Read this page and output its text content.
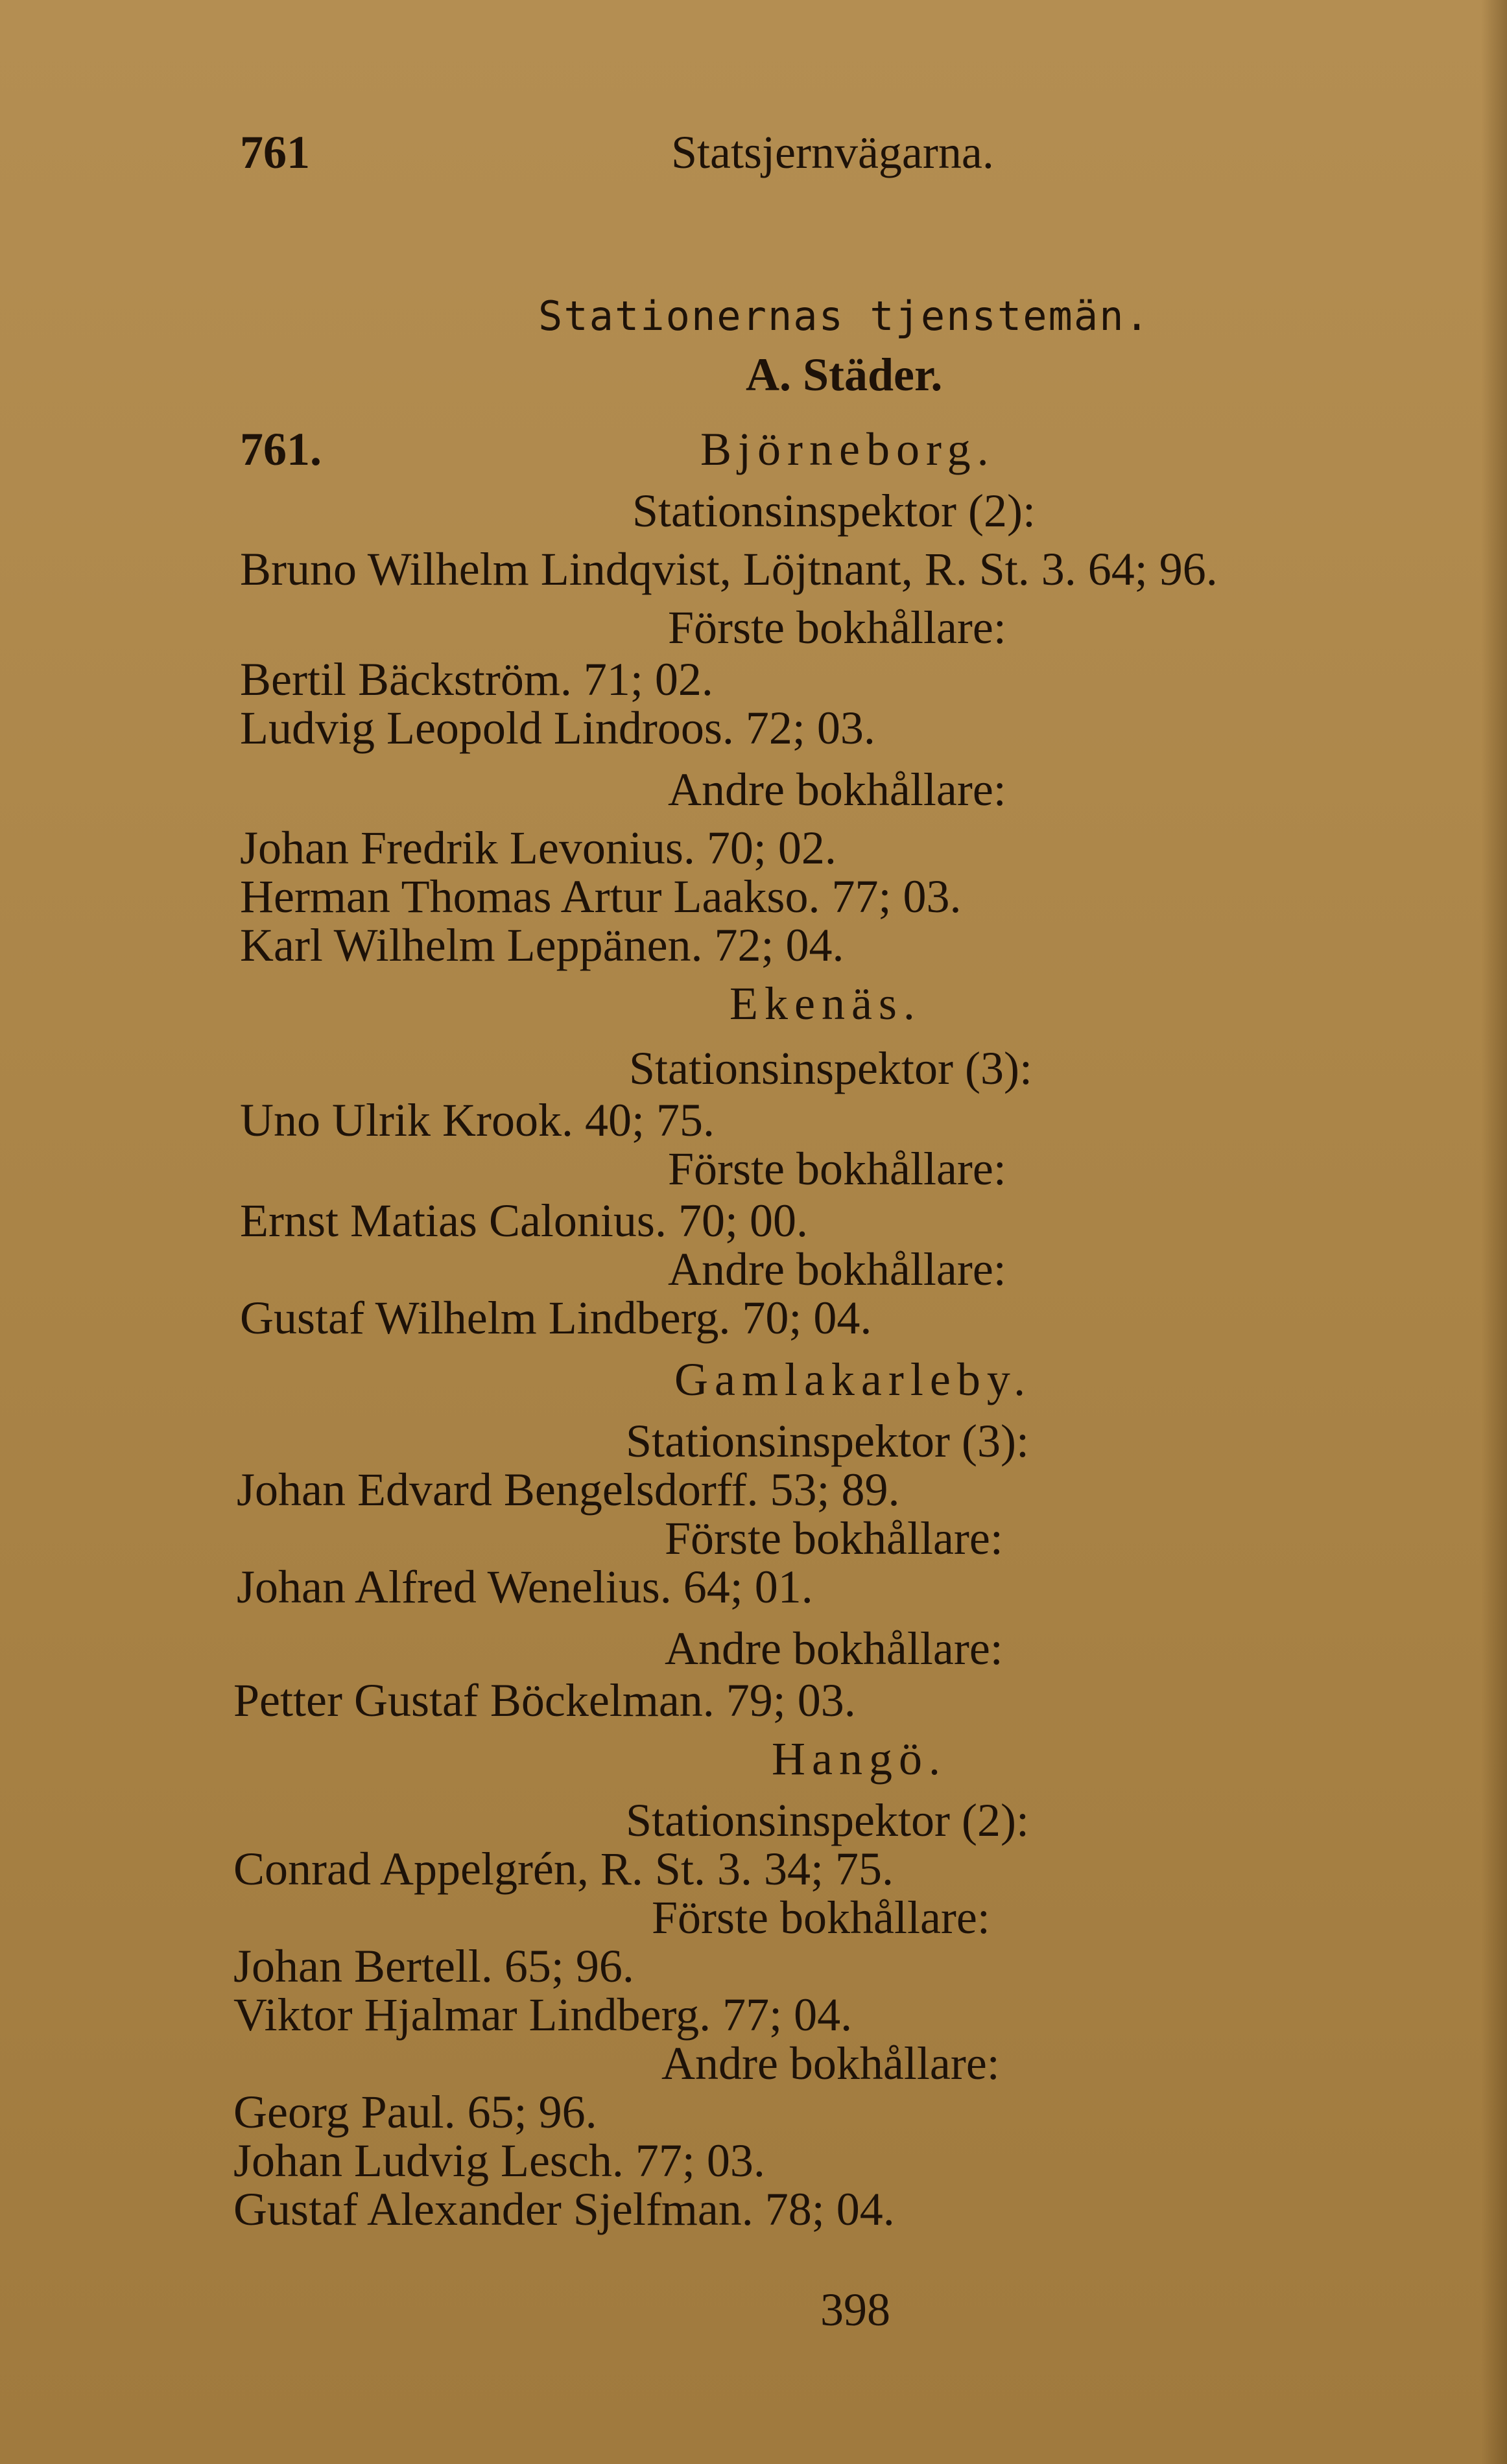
761	Statsjernvägarna.
Stationernas tjenstemän.
A. Städer.
761.	Björneborg.
Stationsinspektor (2):
Bruno Wilhelm Lindqvist, Löjtnant, R. St. 3. 64; 96.
Förste bokhållare:
Bertil Bäckström. 71; 02.
Ludvig Leopold Lindroos. 72; 03.
Andre bokhållare:
Johan Fredrik Levonius. 70; 02.
Herman Thomas Artur Laakso. 77; 03.
Karl Wilhelm Leppänen. 72; 04.
Ekenäs.
Stationsinspektor (3):
Uno Ulrik Krook. 40; 75.
Förste bokhållare:
Ernst Matias Calonius. 70; 00.
Andre bokhållare:
Gustaf Wilhelm Lindberg. 70; 04.
Gamlakarleby.
Stationsinspektor (3):
Johan Edvard Bengelsdorff. 53; 89.
Förste bokhållare:
Johan Alfred Wenelius. 64; 01.
Andre bokhållare:
Petter Gustaf Böckelman. 79; 03.
Hangö.
Stationsinspektor (2):
Conrad Appelgrén, R. St. 3. 34; 75.
Förste bokhållare:
Johan Bertell. 65; 96.
Viktor Hjalmar Lindberg. 77; 04.
Andre bokhållare:
Georg Paul. 65; 96.
Johan Ludvig Lesch. 77; 03.
Gustaf Alexander Sjelfman. 78; 04.
398
